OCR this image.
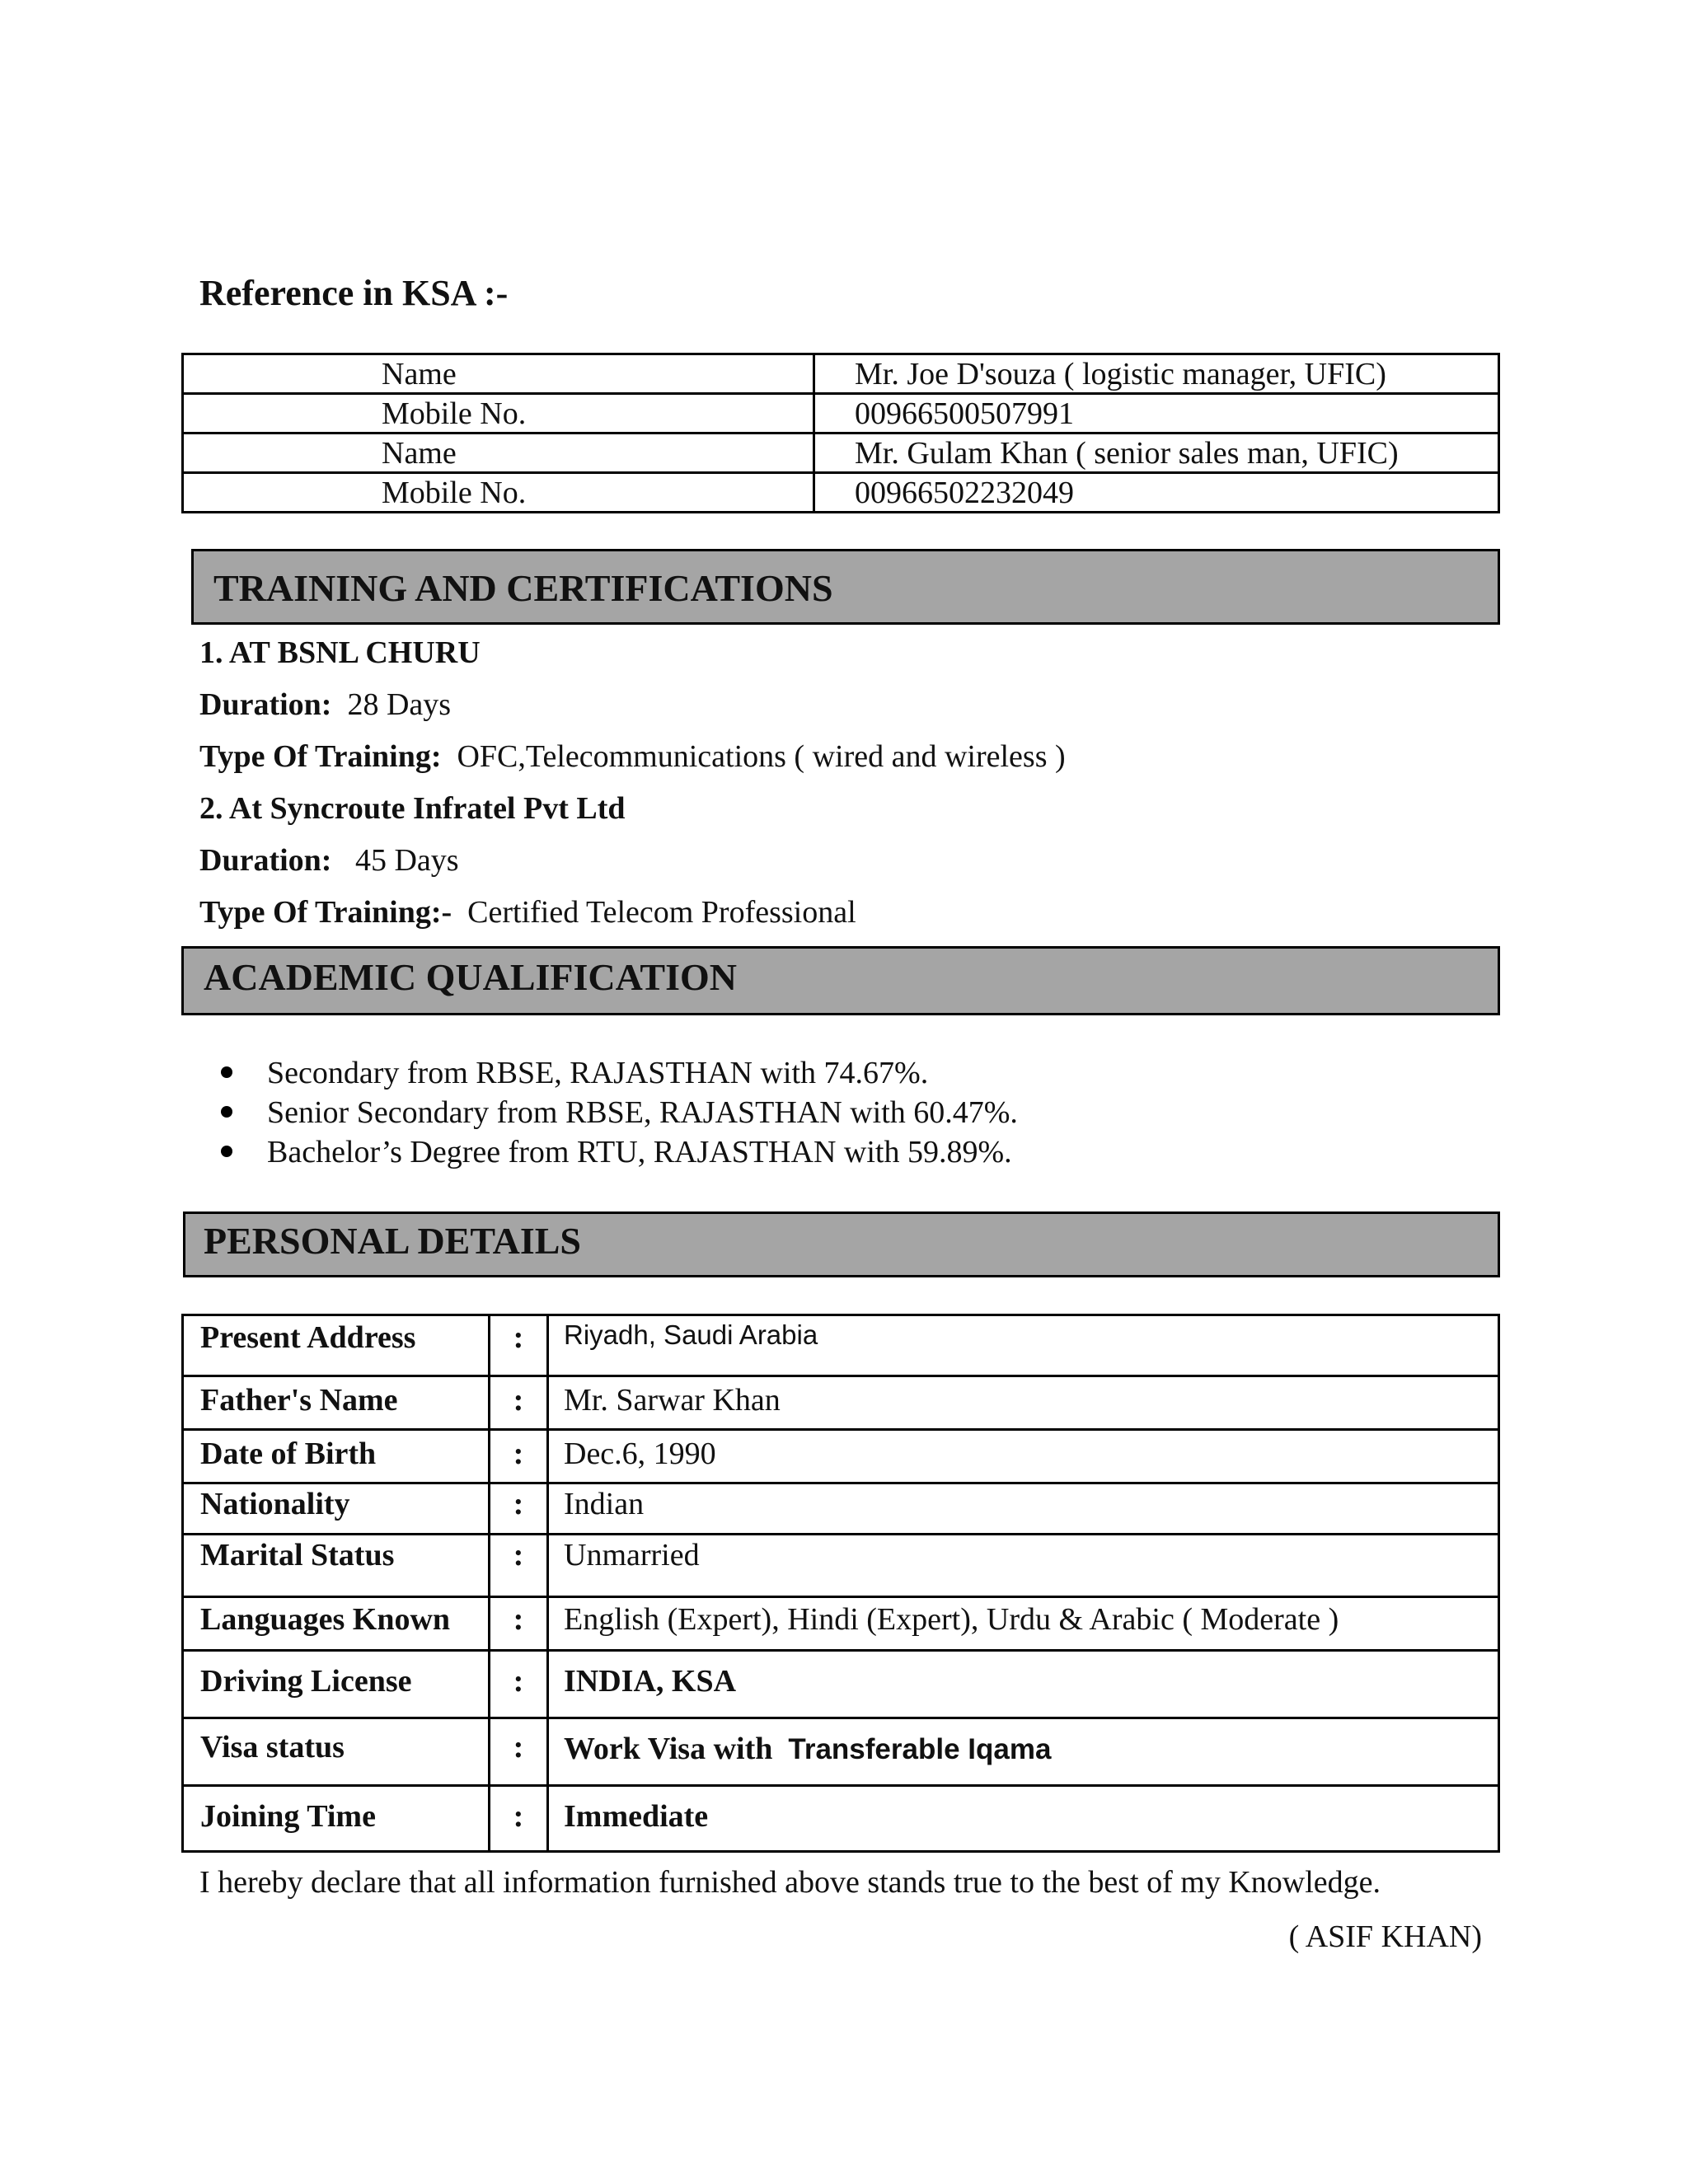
Reference in KSA :-
Name	Mr. Joe D'souza ( logistic manager, UFIC)
Mobile No.	00966500507991
Name	Mr. Gulam Khan ( senior sales man, UFIC)
Mobile No.	00966502232049
TRAINING AND CERTIFICATIONS
1. AT BSNL CHURU
Duration: 28 Days
Type Of Training: OFC,Telecommunications ( wired and wireless )
2. At Syncroute Infratel Pvt Ltd
Duration: 45 Days
Type Of Training:- Certified Telecom Professional
ACADEMIC QUALIFICATION
Secondary from RBSE, RAJASTHAN with 74.67%.
Senior Secondary from RBSE, RAJASTHAN with 60.47%.
Bachelor’s Degree from RTU, RAJASTHAN with 59.89%.
PERSONAL DETAILS
Present Address	:	Riyadh, Saudi Arabia
Father's Name	:	Mr. Sarwar Khan
Date of Birth	:	Dec.6, 1990
Nationality	:	Indian
Marital Status	:	Unmarried
Languages Known	:	English (Expert), Hindi (Expert), Urdu & Arabic ( Moderate )
Driving License	:	INDIA, KSA
Visa status	:	Work Visa with Transferable Iqama
Joining Time	:	Immediate
I hereby declare that all information furnished above stands true to the best of my Knowledge.
( ASIF KHAN)
